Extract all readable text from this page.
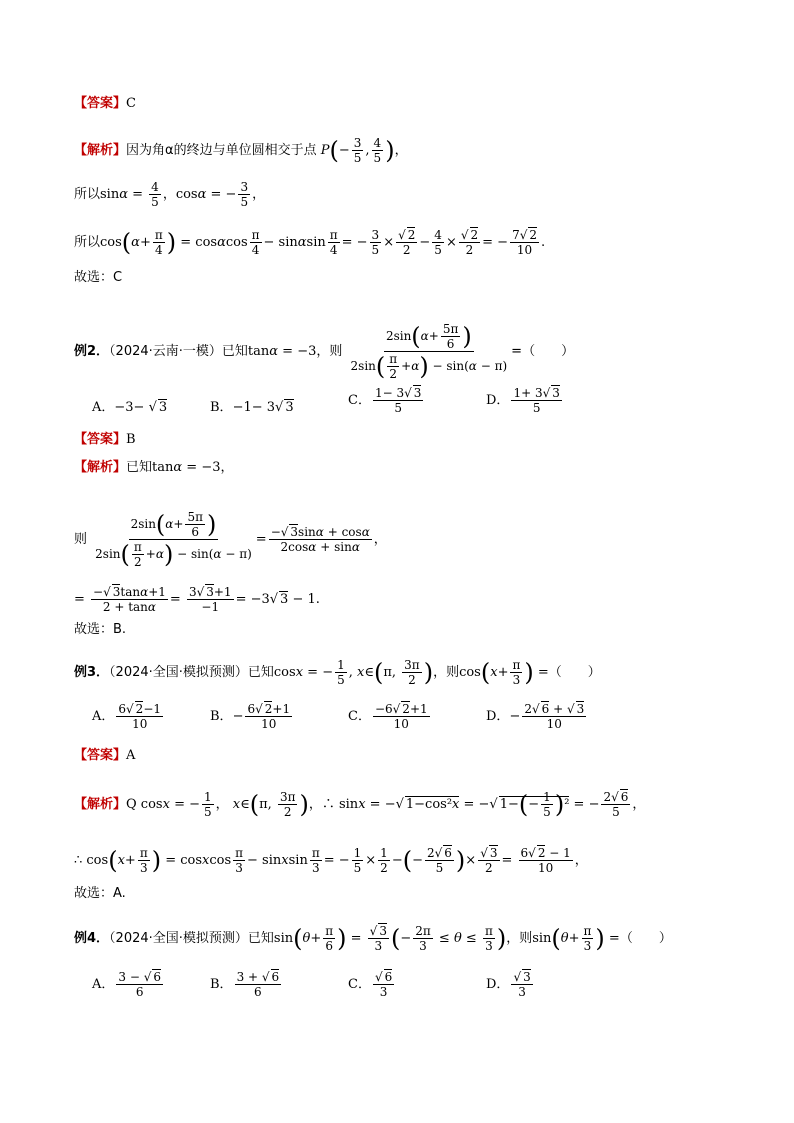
【答案】C
【解析】因为角α的终边与单位圆相交于点 $P(- \frac{3}{5}$ , $\frac{4}{5}$ )，
所以$\sin\alpha = \frac{4}{5}$ ，cosα = − $\frac{3}{5}$ ，
所以$\cos(\alpha+ \frac{\pi}{4}$ ) = cosαcos $\frac{\pi}{4} - \sin\alpha\sin \frac{\pi}{4}$ = − $\frac{3}{5} \times \frac{√ 2}{2} - \frac{4}{5} \times \frac{√ 2}{2}$ = − $\frac{7√ 2}{10}$ .
故选：C
例2．（2024·云南·一模）已知tanα = −3，则 $\frac{2\sin(\alpha+ \frac{5\pi}{6} )}{2\sin( \frac{\pi}{2} +\alpha) - \sin(\alpha - \pi)}$ =（　　）
A．−3− √ 3	B．−1− 3√ 3	C． $\frac{1- 3√ 3}{5}$	D． $\frac{1+ 3√ 3}{5}$
【答案】B
【解析】已知tanα = −3，
则 $\frac{2\sin(\alpha+ \frac{5\pi}{6} )}{2\sin( \frac{\pi}{2} +\alpha) - \sin(\alpha - \pi)} = \frac{-√ 3\sin\alpha + \cos\alpha}{2\cos\alpha + \sin\alpha}$ ，
= $\frac{-√ 3\tan\alpha+1}{2 + \tan\alpha} = \frac{3√ 3+1}{-1} = -3√$ 3 − 1.
故选：B.
例3．（2024·全国·模拟预测）已知cosx = − $\frac{1}{5}$ , x∈(π, $\frac{3\pi}{2}$ )，则$\cos(x+ \frac{\pi}{3}$ ) =（　　）
A． $\frac{6√ 2-1}{10}$	B．− $\frac{6√ 2+1}{10}$	C． $\frac{-6√ 2+1}{10}$	D．− $\frac{2√ 6 + √ 3}{10}$
【答案】A
【解析】Q cosx = − $\frac{1}{5}$ ， x∈(π, $\frac{3\pi}{2}$ )，∴ sinx = −√ 1−cos²x = −√ $1-(- \frac{1}{5} )^2$ = − $\frac{2√ 6}{5}$ ，
∴ $\cos(x+ \frac{\pi}{3}$ ) = cosxcos $\frac{\pi}{3}$ − sinxsin $\frac{\pi}{3}$ = − $\frac{1}{5} \times \frac{1}{2}$ −(− $\frac{2√ 6}{5}$ )× $\frac{√ 3}{2} = \frac{6√ 2 - 1}{10}$ ，
故选：A.
例4．（2024·全国·模拟预测）已知$\sin(\theta+ \frac{\pi}{6}$ ) = $\frac{√ 3}{3}$ (− $\frac{2\pi}{3} \le \theta \le \frac{\pi}{3}$ )，则$\sin(\theta+ \frac{\pi}{3}$ ) =（　　）
A． $\frac{3 - √ 6}{6}$	B． $\frac{3 + √ 6}{6}$	C． $\frac{√ 6}{3}$	D． $\frac{√ 3}{3}$
